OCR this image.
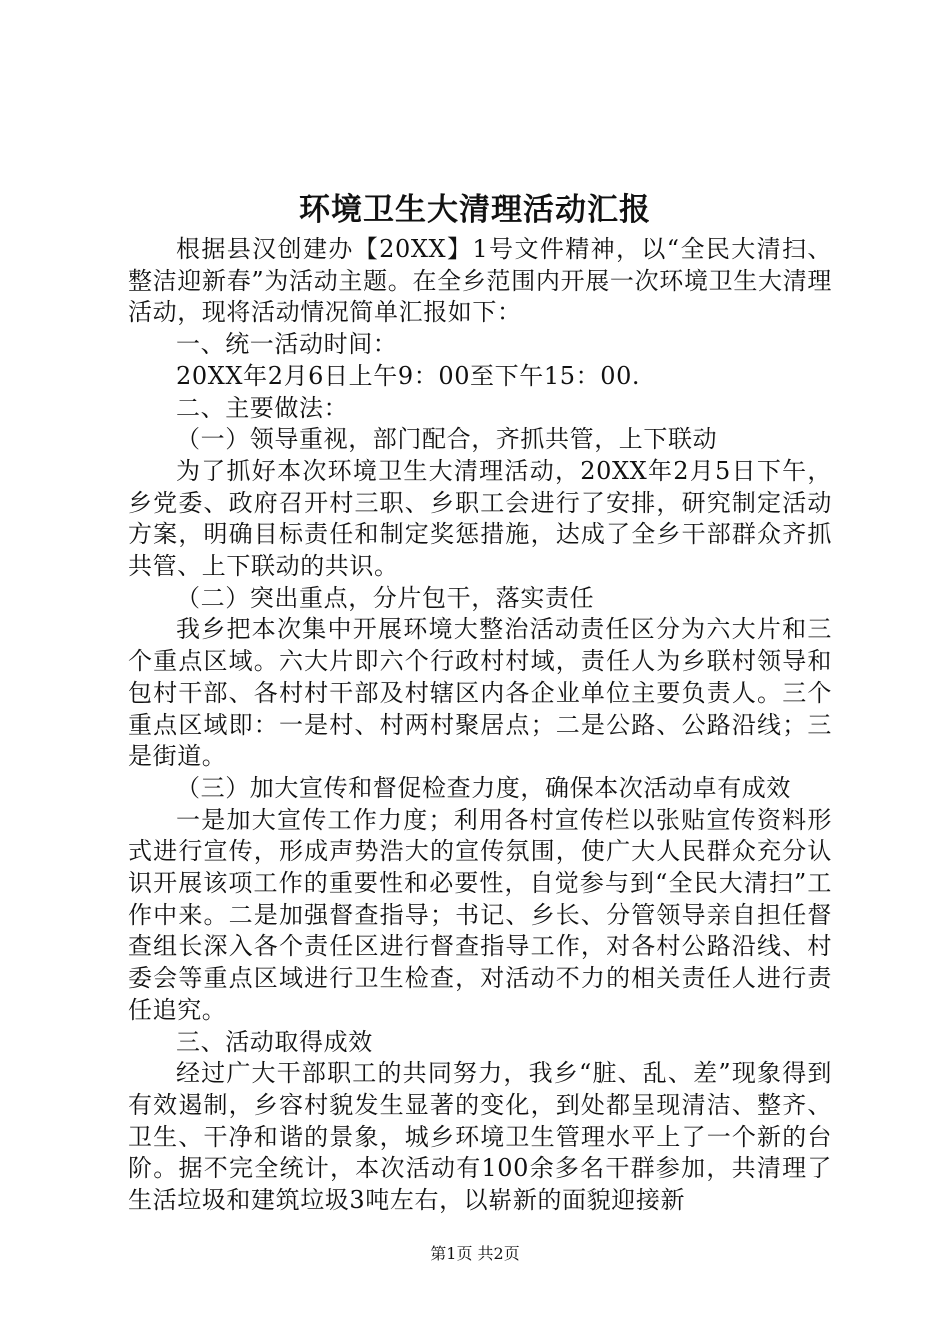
环境卫生大清理活动汇报

根据县汉创建办【20XX】1号文件精神，以“全民大清扫、整洁迎新春”为活动主题。在全乡范围内开展一次环境卫生大清理活动，现将活动情况简单汇报如下：

一、统一活动时间：

20XX年2月6日上午9：00至下午15：00.

二、主要做法：

（一）领导重视，部门配合，齐抓共管，上下联动

为了抓好本次环境卫生大清理活动，20XX年2月5日下午，乡党委、政府召开村三职、乡职工会进行了安排，研究制定活动方案，明确目标责任和制定奖惩措施，达成了全乡干部群众齐抓共管、上下联动的共识。

（二）突出重点，分片包干，落实责任

我乡把本次集中开展环境大整治活动责任区分为六大片和三个重点区域。六大片即六个行政村村域，责任人为乡联村领导和包村干部、各村村干部及村辖区内各企业单位主要负责人。三个重点区域即：一是村、村两村聚居点；二是公路、公路沿线；三是街道。

（三）加大宣传和督促检查力度，确保本次活动卓有成效

一是加大宣传工作力度；利用各村宣传栏以张贴宣传资料形式进行宣传，形成声势浩大的宣传氛围，使广大人民群众充分认识开展该项工作的重要性和必要性，自觉参与到“全民大清扫”工作中来。二是加强督查指导；书记、乡长、分管领导亲自担任督查组长深入各个责任区进行督查指导工作，对各村公路沿线、村委会等重点区域进行卫生检查，对活动不力的相关责任人进行责任追究。

三、活动取得成效

经过广大干部职工的共同努力，我乡“脏、乱、差”现象得到有效遏制，乡容村貌发生显著的变化，到处都呈现清洁、整齐、卫生、干净和谐的景象，城乡环境卫生管理水平上了一个新的台阶。据不完全统计，本次活动有100余多名干群参加，共清理了生活垃圾和建筑垃圾3吨左右，以崭新的面貌迎接新

第1页 共2页
